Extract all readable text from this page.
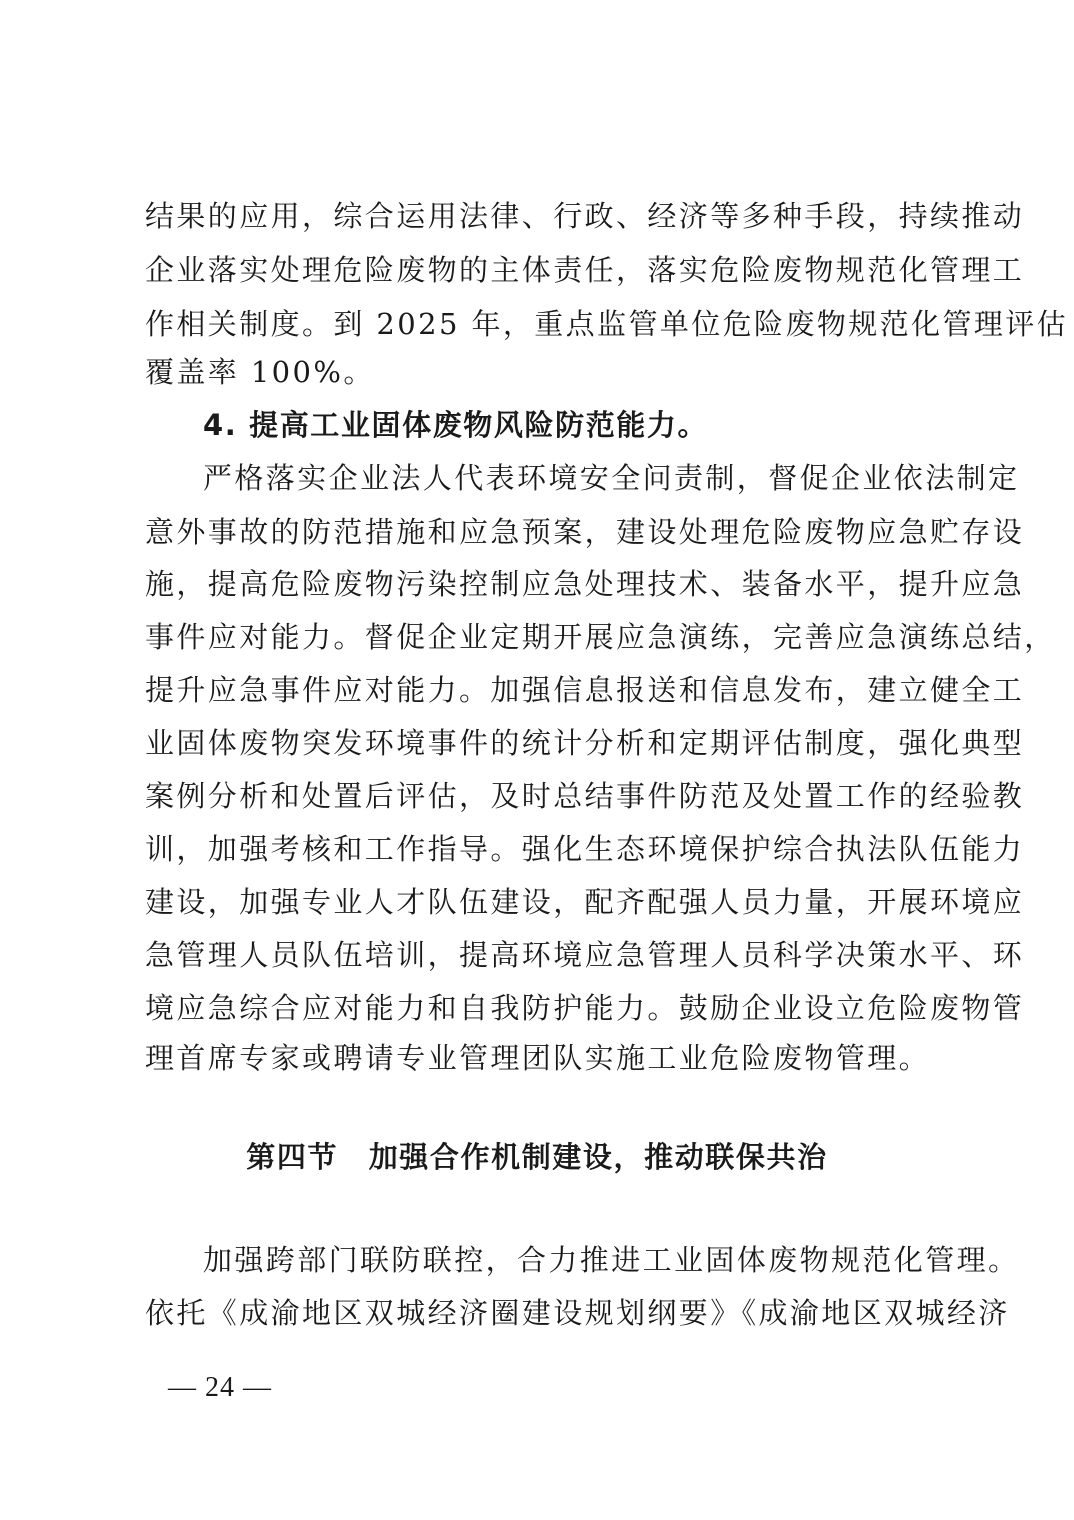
结果的应用，综合运用法律、行政、经济等多种手段，持续推动
企业落实处理危险废物的主体责任，落实危险废物规范化管理工
作相关制度。到 2025 年，重点监管单位危险废物规范化管理评估
覆盖率 100%。
4. 提高工业固体废物风险防范能力。
严格落实企业法人代表环境安全问责制，督促企业依法制定
意外事故的防范措施和应急预案，建设处理危险废物应急贮存设
施，提高危险废物污染控制应急处理技术、装备水平，提升应急
事件应对能力。督促企业定期开展应急演练，完善应急演练总结，
提升应急事件应对能力。加强信息报送和信息发布，建立健全工
业固体废物突发环境事件的统计分析和定期评估制度，强化典型
案例分析和处置后评估，及时总结事件防范及处置工作的经验教
训，加强考核和工作指导。强化生态环境保护综合执法队伍能力
建设，加强专业人才队伍建设，配齐配强人员力量，开展环境应
急管理人员队伍培训，提高环境应急管理人员科学决策水平、环
境应急综合应对能力和自我防护能力。鼓励企业设立危险废物管
理首席专家或聘请专业管理团队实施工业危险废物管理。
第四节　加强合作机制建设，推动联保共治
加强跨部门联防联控，合力推进工业固体废物规范化管理。
依托《成渝地区双城经济圈建设规划纲要》《成渝地区双城经济
— 24 —
